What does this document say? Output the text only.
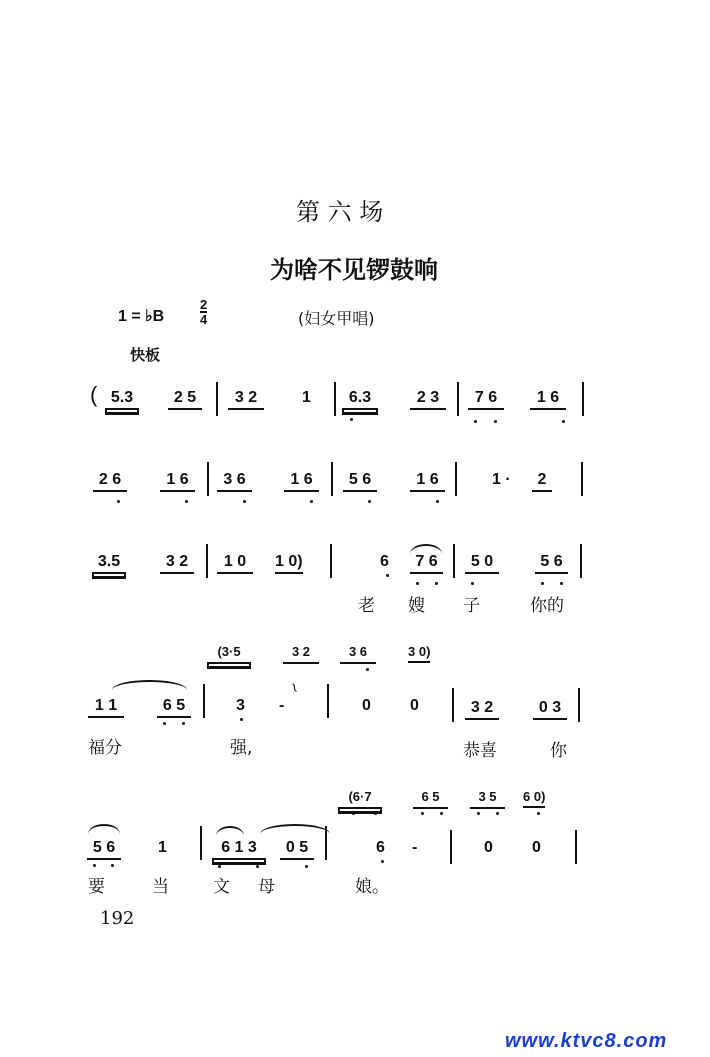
第 六 场
为啥不见锣鼓响
1 = ♭B
2
4	(妇女甲唱)
快板
( 5.3	2 5	3 2	1	6.3	2 3	7 6	1 6
2 6	1 6	3 6	1 6	5 6	1 6	1 ·	2
3.5	3 2	1 0	1 0)	6	7 6	5 0	5 6
老 嫂 子	你的
(3·5	3 2	3 6	3 0)
1 1	6 5	3 -
≀
0 0	3 2	0 3
福分	强,	恭喜	你
(6·7	6 5	3 5	6 0)
5 6	1	6 1 3	0 5	6 -	0 0
要	当	文 母	娘。
192
www.ktvc8.com
